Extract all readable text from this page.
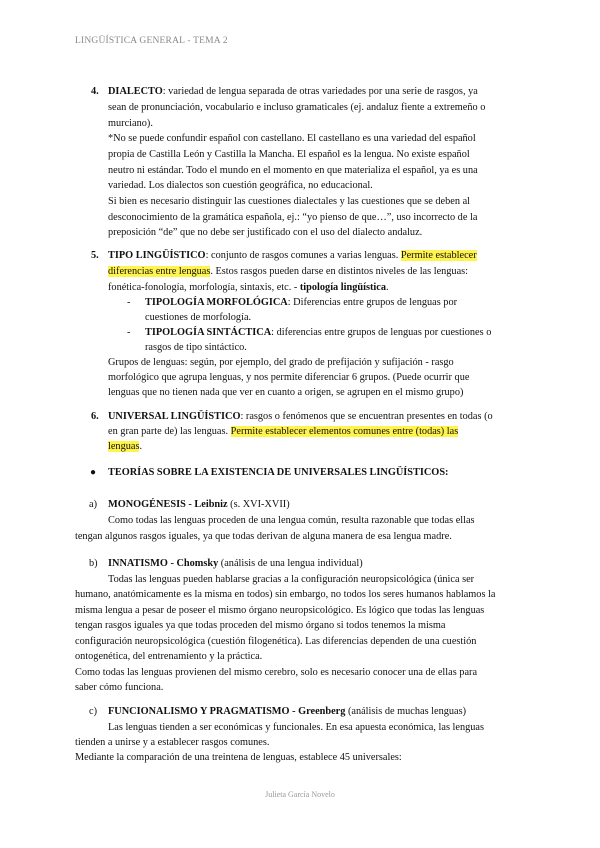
LINGÜÍSTICA GENERAL - TEMA 2
4. DIALECTO: variedad de lengua separada de otras variedades por una serie de rasgos, ya

sean de pronunciación, vocabulario e incluso gramaticales (ej. andaluz fiente a extremeño o

murciano).

*No se puede confundir español con castellano. El castellano es una variedad del español

propia de Castilla León y Castilla la Mancha. El español es la lengua. No existe español

neutro ni estándar. Todo el mundo en el momento en que materializa el español, ya es una

variedad. Los dialectos son cuestión geográfica, no educacional.

Si bien es necesario distinguir las cuestiones dialectales y las cuestiones que se deben al

desconocimiento de la gramática española, ej.: “yo pienso de que…”, uso incorrecto de la

preposición “de” que no debe ser justificado con el uso del dialecto andaluz.

5. TIPO LINGÜÍSTICO: conjunto de rasgos comunes a varias lenguas. Permite establecer

diferencias entre lenguas. Estos rasgos pueden darse en distintos niveles de las lenguas:

fonética-fonología, morfología, sintaxis, etc. - tipología lingüística.

- TIPOLOGÍA MORFOLÓGICA: Diferencias entre grupos de lenguas por

cuestiones de morfología.

- TIPOLOGÍA SINTÁCTICA: diferencias entre grupos de lenguas por cuestiones o

rasgos de tipo sintáctico.

Grupos de lenguas: según, por ejemplo, del grado de prefijación y sufijación - rasgo

morfológico que agrupa lenguas, y nos permite diferenciar 6 grupos. (Puede ocurrir que

lenguas que no tienen nada que ver en cuanto a origen, se agrupen en el mismo grupo)

6. UNIVERSAL LINGÜÍSTICO: rasgos o fenómenos que se encuentran presentes en todas (o

en gran parte de) las lenguas. Permite establecer elementos comunes entre (todas) las

lenguas.

● TEORÍAS SOBRE LA EXISTENCIA DE UNIVERSALES LINGÜÍSTICOS:

a) MONOGÉNESIS - Leibniz (s. XVI-XVII)

Como todas las lenguas proceden de una lengua común, resulta razonable que todas ellas

tengan algunos rasgos iguales, ya que todas derivan de alguna manera de esa lengua madre.

b) INNATISMO - Chomsky (análisis de una lengua individual)

Todas las lenguas pueden hablarse gracias a la configuración neuropsicológica (única ser

humano, anatómicamente es la misma en todos) sin embargo, no todos los seres humanos hablamos la

misma lengua a pesar de poseer el mismo órgano neuropsicológico. Es lógico que todas las lenguas

tengan rasgos iguales ya que todas proceden del mismo órgano si todos tenemos la misma

configuración neuropsicológica (cuestión filogenética). Las diferencias dependen de una cuestión

ontogenética, del entrenamiento y la práctica.

Como todas las lenguas provienen del mismo cerebro, solo es necesario conocer una de ellas para

saber cómo funciona.

c) FUNCIONALISMO Y PRAGMATISMO - Greenberg (análisis de muchas lenguas)

Las lenguas tienden a ser económicas y funcionales. En esa apuesta económica, las lenguas

tienden a unirse y a establecer rasgos comunes.

Mediante la comparación de una treintena de lenguas, establece 45 universales:

Julieta García Novelo
